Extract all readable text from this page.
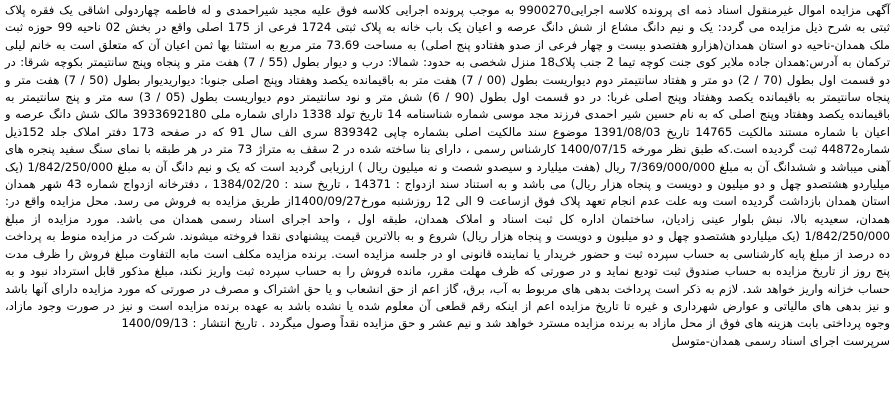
آگهی مزایده اموال غیرمنقول اسناد ذمه ای پرونده کلاسه اجرایی9900270 به موجب پرونده اجرایی کلاسه فوق علیه مجید شیراحمدی و له فاطمه چهاردولی اشاقی یک فقره پلاک ثبتی به شرح ذیل مزایده می گردد: یک و نیم دانگ مشاع از شش دانگ عرصه و اعیان یک باب خانه به پلاک ثبتی 1724 فرعی از 175 اصلی واقع در بخش 02 ناحیه 99 حوزه ثبت ملک همدان-ناحیه دو استان همدان(هزارو هفتصدو بیست و چهار فرعی از صدو هفتادو پنج اصلی) به مساحت 73.69 متر مربع به استثنا بها ثمن اعیان آن که متعلق است به خانم لیلی ترکمان به آدرس:همدان جاده ملایر کوی جنت کوچه تیما 2 جنب پلاک18 منزل شخصی به حدود: شمالا: درب و دیوار بطول (55 / 7) هفت متر و پنجاه وپنج سانتیمتر بکوچه شرقا: در دو قسمت اول بطول (70 / 2) دو متر و هفتاد سانتیمتر دوم دیواریست بطول (00 / 7) هفت متر به باقیمانده یکصد وهفتاد وپنج اصلی جنوبا: دیواریدیوار بطول (50 / 7) هفت متر و پنجاه سانتیمتر به باقیمانده یکصد وهفتاد وپنج اصلی غربا: در دو قسمت اول بطول (90 / 6) شش متر و نود سانتیمتر دوم دیواریست بطول (05 / 3) سه متر و پنج سانتیمتر به باقیمانده یکصد وهفتاد وپنج اصلی که به نام حسین شیر احمدی فرزند مجد موسی شماره شناسنامه 14 تاریخ تولد 1338 دارای شماره ملی 3933692180 مالک شش دانگ عرصه و اعیان با شماره مستند مالکیت 14765 تاریخ 1391/08/03 موضوع سند مالکیت اصلی بشماره چاپی 839342 سری الف سال 91 که در صفحه 173 دفتر املاک جلد 152ذیل شماره44872 ثبت گردیده است.که طبق نظر مورخه 1400/07/15 کارشناس رسمی ، دارای بنا ساخته شده در 2 سقف به متراژ 73 متر در هر طبقه با نمای سنگ سفید پنجره های آهنی میباشد و ششدانگ آن به مبلغ 7/369/000/000 ریال (هفت میلیارد و سیصدو شصت و نه میلیون ریال ) ارزیابی گردید است که یک و نیم دانگ آن به مبلغ 1/842/250/000 (یک میلیاردو هشتصدو چهل و دو میلیون و دویست و پنجاه هزار ریال) می باشد و به استناد سند ازدواج : 14371 ، تاریخ سند : 1384/02/20 ، دفترخانه ازدواج شماره 43 شهر همدان استان همدان بازداشت گردیده است وبه علت عدم انجام تعهد پلاک فوق ازساعت 9 الی 12 روزشنبه مورخ1400/09/27از طریق مزایده به فروش می رسد. محل مزایده واقع در: همدان، سعیدیه بالا، نبش بلوار عینی زادیان، ساختمان اداره کل ثبت اسناد و املاک همدان، طبقه اول ، واحد اجرای اسناد رسمی همدان می باشد. مورد مزایده از مبلغ 1/842/250/000 (یک میلیاردو هشتصدو چهل و دو میلیون و دویست و پنجاه هزار ریال) شروع و به بالاترین قیمت پیشنهادی نقدا فروخته میشوند. شرکت در مزایده منوط به پرداخت ده درصد از مبلغ پایه کارشناسی به حساب سپرده ثبت و حضور خریدار یا نماینده قانونی او در جلسه مزایده است. برنده مزایده مکلف است مابه التفاوت مبلغ فروش را ظرف مدت پنج روز از تاریخ مزایده به حساب صندوق ثبت تودیع نماید و در صورتی که ظرف مهلت مقرر، مانده فروش را به حساب سپرده ثبت واریز نکند، مبلغ مذکور قابل استرداد نبود و به حساب خزانه واریز خواهد شد. لازم به ذکر است پرداخت بدهی های مربوط به آب، برق، گاز اعم از حق انشعاب و یا حق اشتراک و مصرف در صورتی که مورد مزایده دارای آنها باشد و نیز بدهی های مالیاتی و عوارض شهرداری و غیره تا تاریخ مزایده اعم از اینکه رقم قطعی آن معلوم شده یا نشده باشد به عهده برنده مزایده است و نیز در صورت وجود مازاد، وجوه پرداختی بابت هزینه های فوق از محل مازاد به برنده مزایده مسترد خواهد شد و نیم عشر و حق مزایده نقداً وصول میگردد . تاریخ انتشار : 1400/09/13

سرپرست اجرای اسناد رسمی همدان-متوسل
